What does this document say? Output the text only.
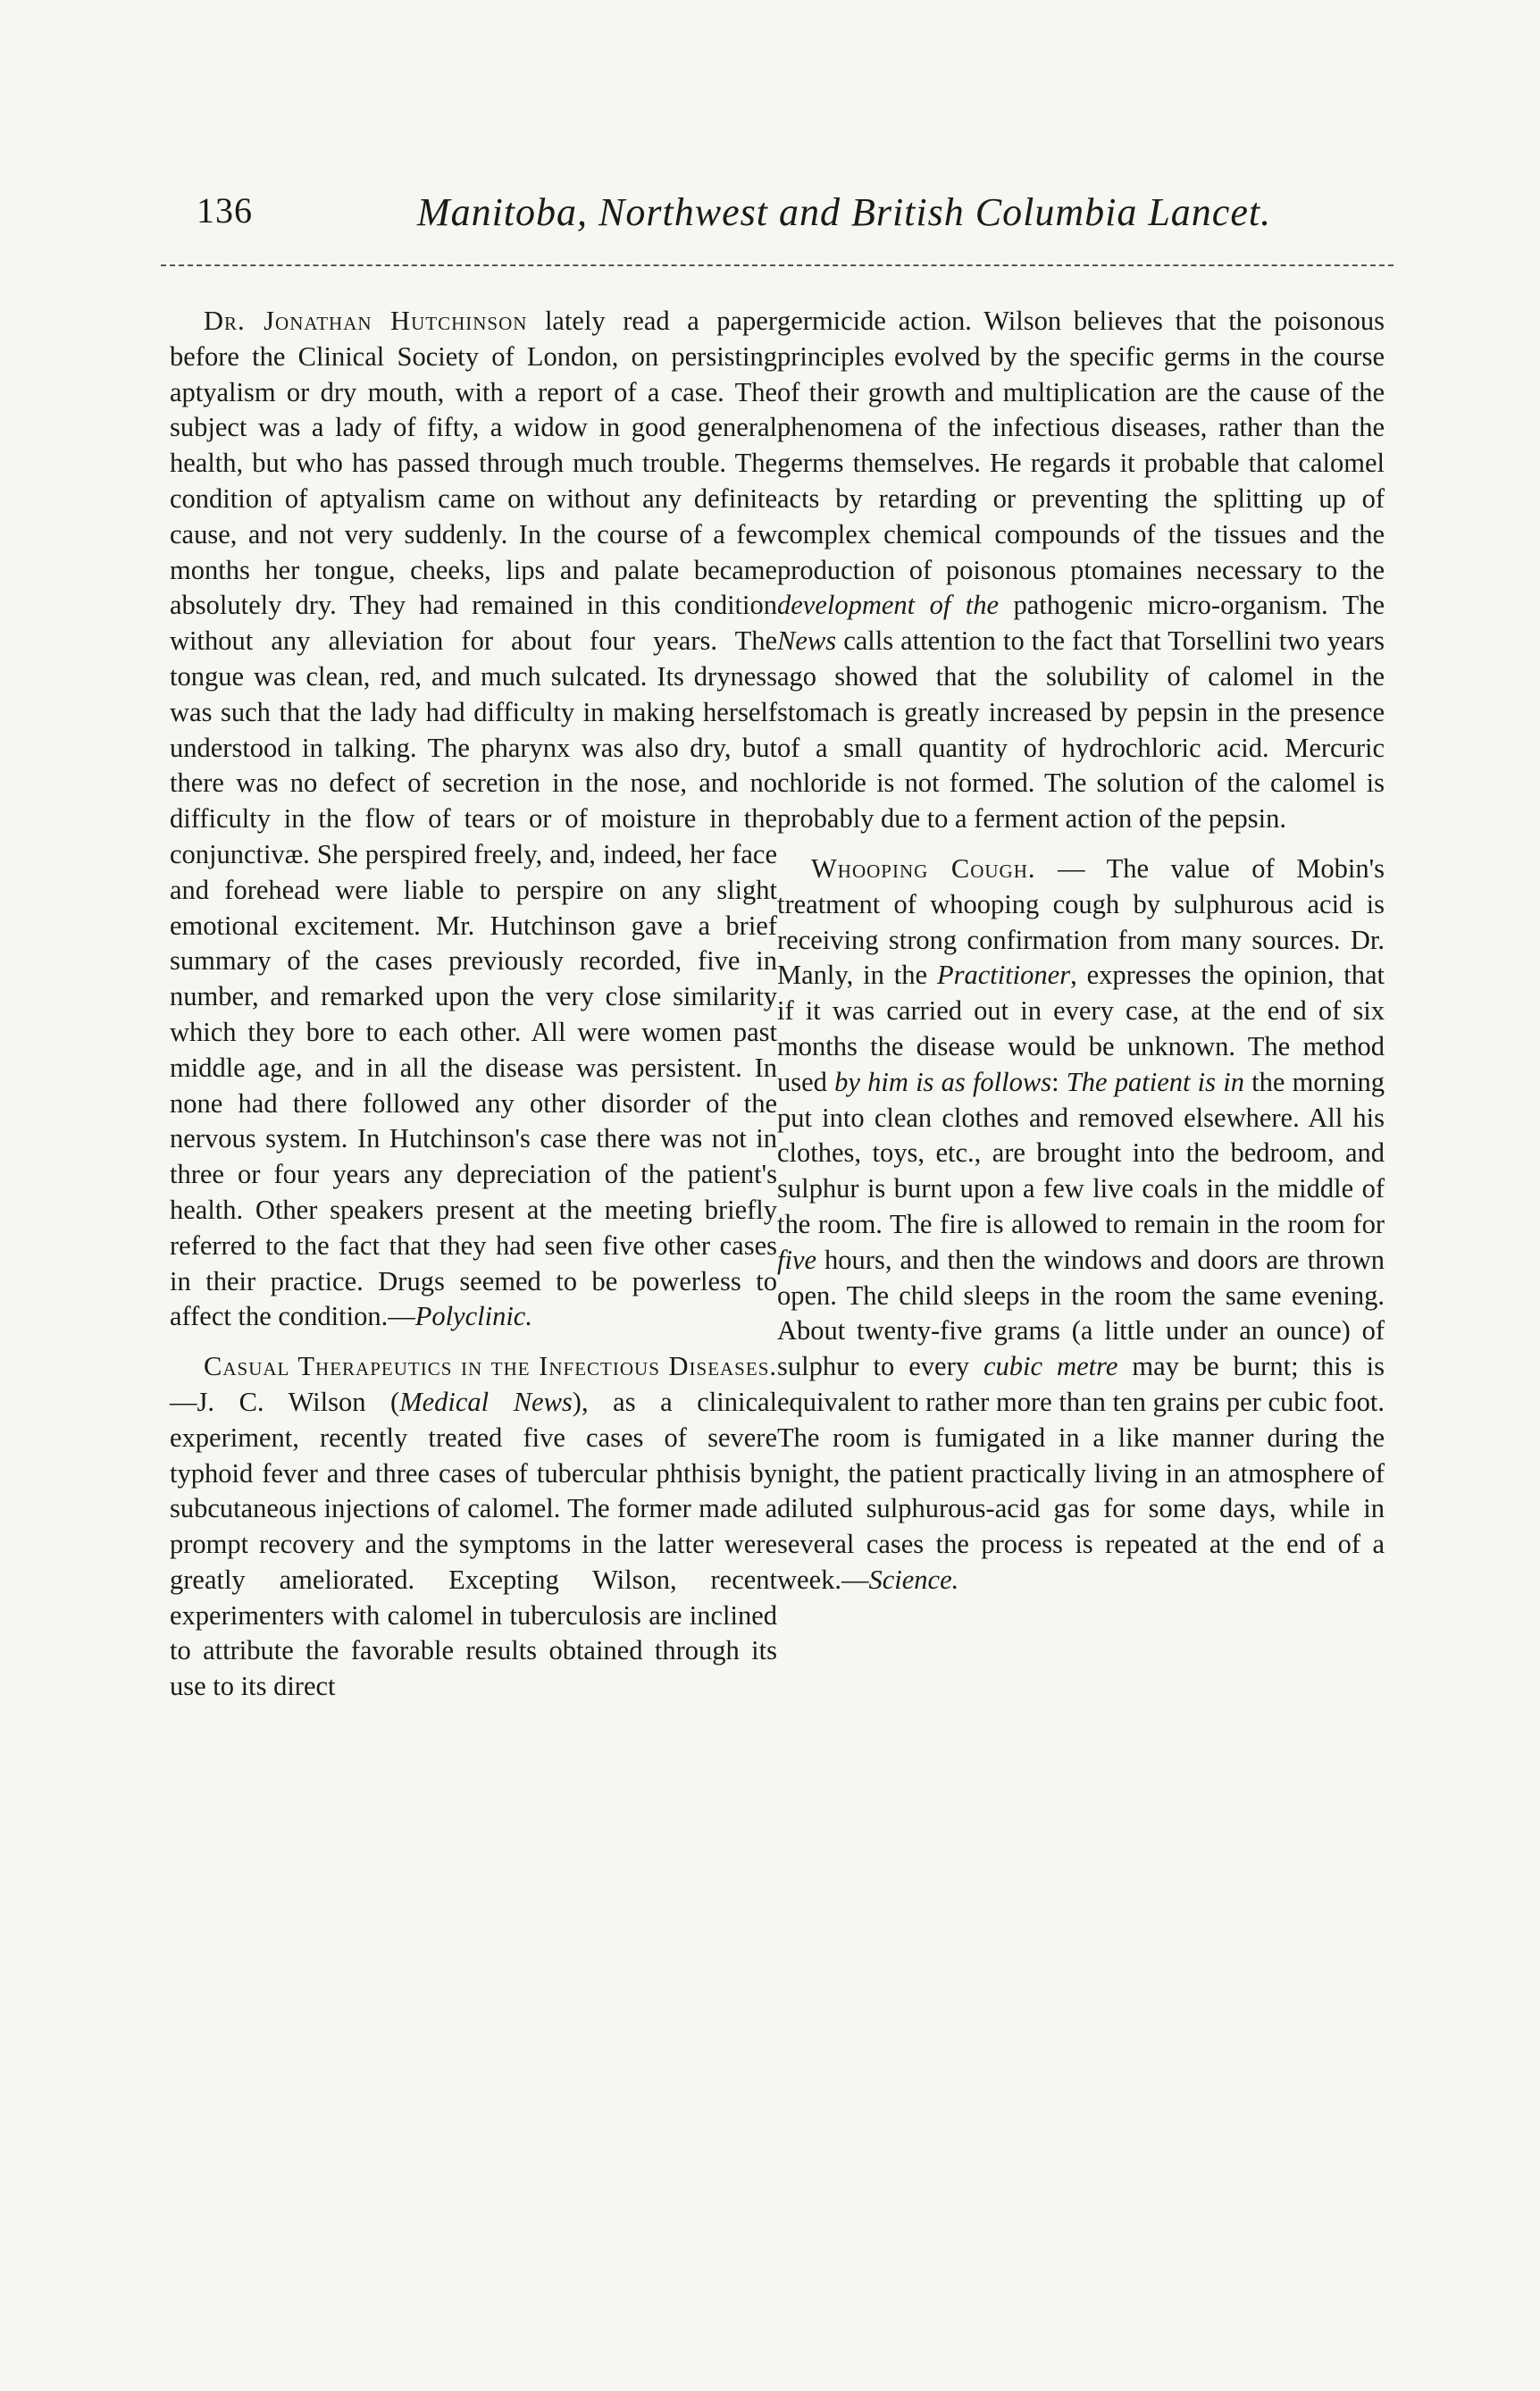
136	Manitoba, Northwest and British Columbia Lancet.

Dr. Jonathan Hutchinson lately read a paper before the Clinical Society of London, on persisting aptyalism or dry mouth, with a report of a case. The subject was a lady of fifty, a widow in good general health, but who has passed through much trouble. The condition of aptyalism came on without any definite cause, and not very suddenly. In the course of a few months her tongue, cheeks, lips and palate became absolutely dry. They had remained in this condition without any alleviation for about four years. The tongue was clean, red, and much sulcated. Its dryness was such that the lady had difficulty in making herself understood in talking. The pharynx was also dry, but there was no defect of secretion in the nose, and no difficulty in the flow of tears or of moisture in the conjunctivæ. She perspired freely, and, indeed, her face and forehead were liable to perspire on any slight emotional excitement. Mr. Hutchinson gave a brief summary of the cases previously recorded, five in number, and remarked upon the very close similarity which they bore to each other. All were women past middle age, and in all the disease was persistent. In none had there followed any other disorder of the nervous system. In Hutchinson's case there was not in three or four years any depreciation of the patient's health. Other speakers present at the meeting briefly referred to the fact that they had seen five other cases in their practice. Drugs seemed to be powerless to affect the condition.—Polyclinic.

Casual Therapeutics in the Infectious Diseases.—J. C. Wilson (Medical News), as a clinical experiment, recently treated five cases of severe typhoid fever and three cases of tubercular phthisis by subcutaneous injections of calomel. The former made a prompt recovery and the symptoms in the latter were greatly ameliorated. Excepting Wilson, recent experimenters with calomel in tuberculosis are inclined to attribute the favorable results obtained through its use to its direct

germicide action. Wilson believes that the poisonous principles evolved by the specific germs in the course of their growth and multiplication are the cause of the phenomena of the infectious diseases, rather than the germs themselves. He regards it probable that calomel acts by retarding or preventing the splitting up of complex chemical compounds of the tissues and the production of poisonous ptomaines necessary to the development of the pathogenic micro-organism. The News calls attention to the fact that Torsellini two years ago showed that the solubility of calomel in the stomach is greatly increased by pepsin in the presence of a small quantity of hydrochloric acid. Mercuric chloride is not formed. The solution of the calomel is probably due to a ferment action of the pepsin.

Whooping Cough. — The value of Mobin's treatment of whooping cough by sulphurous acid is receiving strong confirmation from many sources. Dr. Manly, in the Practitioner, expresses the opinion, that if it was carried out in every case, at the end of six months the disease would be unknown. The method used by him is as follows: The patient is in the morning put into clean clothes and removed elsewhere. All his clothes, toys, etc., are brought into the bedroom, and sulphur is burnt upon a few live coals in the middle of the room. The fire is allowed to remain in the room for five hours, and then the windows and doors are thrown open. The child sleeps in the room the same evening. About twenty-five grams (a little under an ounce) of sulphur to every cubic metre may be burnt; this is equivalent to rather more than ten grains per cubic foot. The room is fumigated in a like manner during the night, the patient practically living in an atmosphere of diluted sulphurous-acid gas for some days, while in several cases the process is repeated at the end of a week.—Science.
